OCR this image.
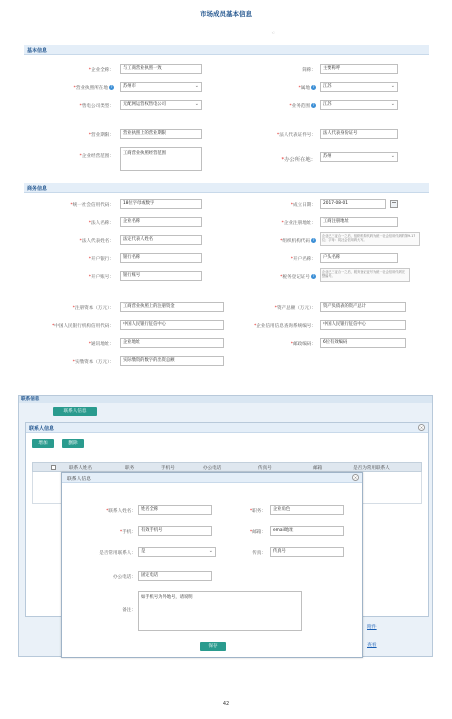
市场成员基本信息
☜
基本信息
*企业全称：	与工商营业执照一致	简称：	主要称呼
*营业执照所在地 ?	苏州市 ⌄	*属地 ?	江苏 ⌄
*售电公司类型：	无配网运营权售电公司 ⌄	*业务范围 ?	江苏 ⌄
*营业期限：	营业执照上的营业期限	*法人代表证件号：	法人代表身份证号
*企业经营范围：
工商营业执照经营范围
*办公所在地：
苏州 ⌄
商务信息
*统一社会信用代码：	18位字母或数字	*成立日期：	2017-08-01
*法人名称：	企业名称	*企业注册地址：	工商注册地址
*法人代表姓名：	法定代表人姓名	*组织机构代码 ?
企业已三证合一之后，组织机构代码为统一社会信用代码的第9-17位；字母：同社会信用码大写。
*开户银行：	银行名称	*开户名称：	户头名称
*开户账号：	银行账号	*税务登记证号 ?
企业已三证合一之后，税务登记证号为统一社会信用代码完整编号。
*注册资本（万元）：	工商营业执照上的注册资金	*资产总额（万元）：	资产负债表的资产总计
*中国人民银行机构信用代码：	中国人民银行征信中心	*企业信用信息查询系统编号：	中国人民银行征信中心
*通讯地址：	企业地址	*邮政编码：	6位有效编码
*实缴资本（万元）：	实际缴资的数字的出资总额
联系信息
联系人信息
联系人信息	×
增加	删除
联系人姓名	职务	手机号	办公电话	传真号	邮箱	是否为常用联系人
附件
查看
联系人信息	×
*联系人姓名：	姓名全称	*职务：	企业角色
*手机：	有效手机号	*邮箱：	email地址
是否常用联系人：	是 ⌄	传真：	传真号
办公电话：	固定电话
备注：
如手机号为外地号，请说明
保存
42
